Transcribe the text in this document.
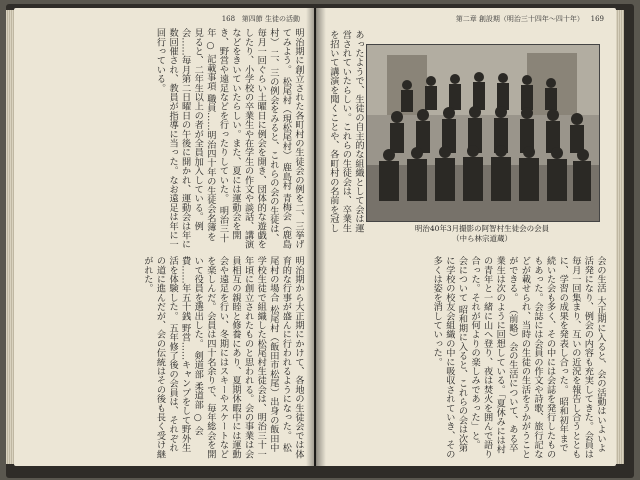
168 第四節 生徒の活動

明治期に創立された各町村の生徒会の例を二、三挙げてみよう。 松尾村（現松尾村） 鹿島村 青梅会（鹿島村） 二、三の例会をみると、これらの会の生徒は、毎月一回ぐらい土曜日に例会を開き、団体的な遊戯をしたり、小学校の卒業生や在学生の作文や談話、講演などをきいていたらしい。また、夏には運動会を開き、野営や遠足などを行ったりしていた。 明治三十年 ○ 記載事項 職員……明治四十年の生徒会名簿を見ると、二年生以上の者が全員加入している。例会……毎月第二日曜日の午後に開かれ、運動会は年に数回催され、教員が指導に当った。なお遠足は年に一回行っている。

明治期から大正期にかけて、各地の生徒会では体育的な行事が盛んに行われるようになった。 松尾村の場合 松尾村（飯田市松尾）出身の飯田中学校生徒で組織した松尾村生徒会は、明治三十一年頃に創立されたものと思われる。会の事業は会員相互の親睦と修養にあり、夏期休暇中には運動会や遠足を行い、冬期にはスキーやスケートなどを楽しんだ。会員は四十名余りで、毎年総会を開いて役員を選出した。 剣道部 柔道部 ○ 会費……年五十銭 野営……キャンプをして野外生活を体験した。 五年修了後の会員は、それぞれの道に進んだが、会の伝統はその後も長く受け継がれた。

第二章 創設期（明治三十四年〜四十年） 169

あったようで、生徒の自主的な組織として会は運営されていたらしい。これらの生徒会は、卒業生を招いて講演を聞くことや、各町村の名前を冠し	明治40年3月撮影の阿智村生徒会の会員
（中ら林宗道蔵）

会の生活 大正期に入ると、会の活動はいよいよ活発になり、例会の内容も充実してきた。会員は毎月一回集まり、互いの近況を報告し合うとともに、学習の成果を発表し合った。 昭和初年まで続いた会も多く、その中には会誌を発行したものもあった。会誌には会員の作文や詩歌、旅行記などが載せられ、当時の生徒の生活をうかがうことができる。 （前略）会の生活について、ある卒業生は次のように回想している。「夏休みには村の青年と一緒に山へ登り、夜は焚火を囲んで語り合った。それが何よりの楽しみであった」と。 会について 昭和期に入ると、これらの会は次第に学校の校友会組織の中に吸収されていき、その多くは姿を消していった。
